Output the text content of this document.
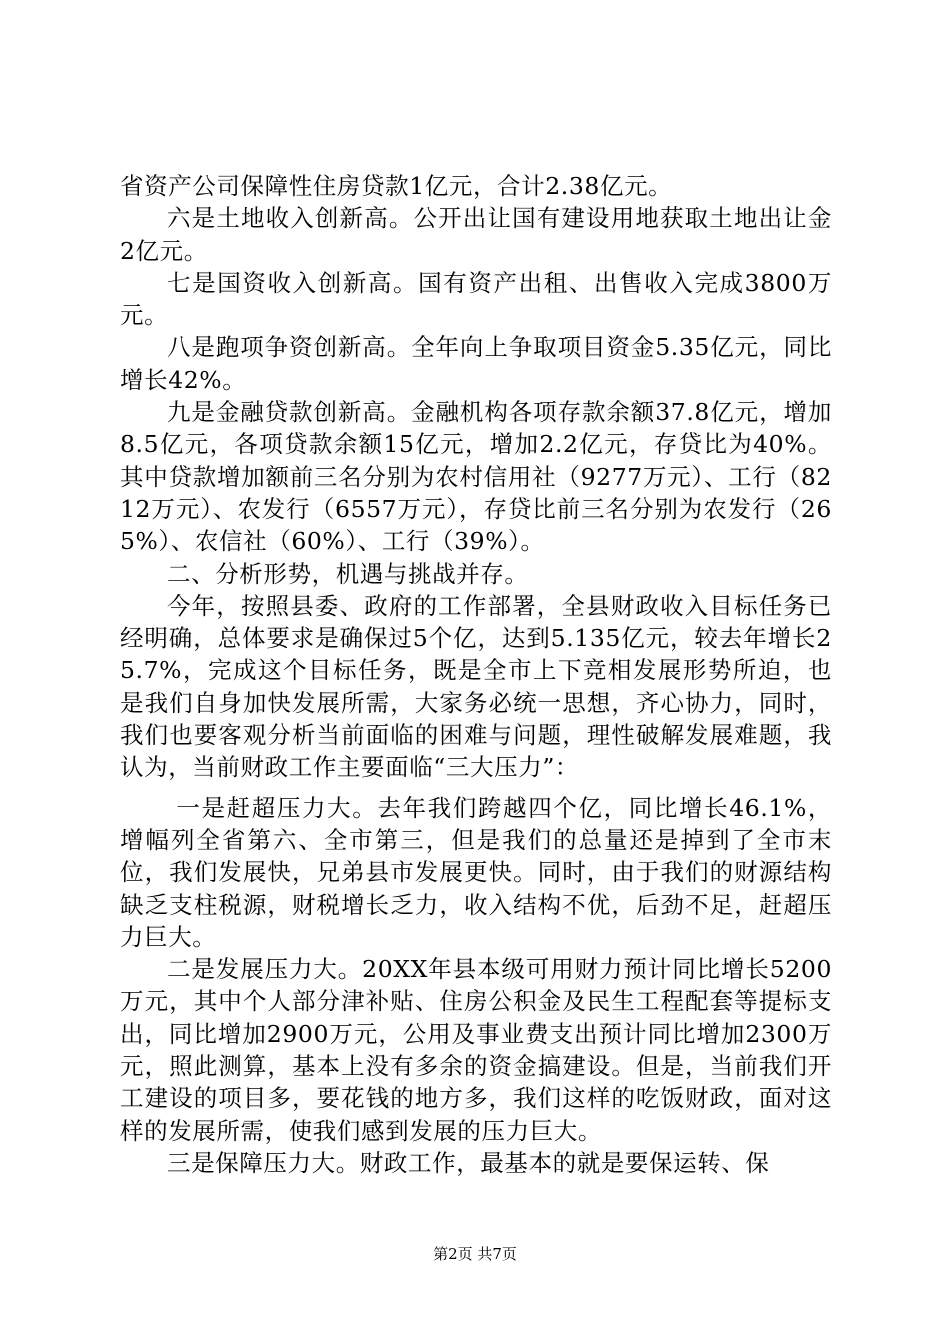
省资产公司保障性住房贷款1亿元，合计2.38亿元。

六是土地收入创新高。公开出让国有建设用地获取土地出让金2亿元。

七是国资收入创新高。国有资产出租、出售收入完成3800万元。

八是跑项争资创新高。全年向上争取项目资金5.35亿元，同比增长42%。

九是金融贷款创新高。金融机构各项存款余额37.8亿元，增加8.5亿元，各项贷款余额15亿元，增加2.2亿元，存贷比为40%。其中贷款增加额前三名分别为农村信用社（9277万元）、工行（8212万元）、农发行（6557万元），存贷比前三名分别为农发行（265%）、农信社（60%）、工行（39%）。

二、分析形势，机遇与挑战并存。

今年，按照县委、政府的工作部署，全县财政收入目标任务已经明确，总体要求是确保过5个亿，达到5.135亿元，较去年增长25.7%，完成这个目标任务，既是全市上下竞相发展形势所迫，也是我们自身加快发展所需，大家务必统一思想，齐心协力，同时，我们也要客观分析当前面临的困难与问题，理性破解发展难题，我认为，当前财政工作主要面临“三大压力”：

一是赶超压力大。去年我们跨越四个亿，同比增长46.1%，增幅列全省第六、全市第三，但是我们的总量还是掉到了全市末位，我们发展快，兄弟县市发展更快。同时，由于我们的财源结构缺乏支柱税源，财税增长乏力，收入结构不优，后劲不足，赶超压力巨大。

二是发展压力大。20XX年县本级可用财力预计同比增长5200万元，其中个人部分津补贴、住房公积金及民生工程配套等提标支出，同比增加2900万元，公用及事业费支出预计同比增加2300万元，照此测算，基本上没有多余的资金搞建设。但是，当前我们开工建设的项目多，要花钱的地方多，我们这样的吃饭财政，面对这样的发展所需，使我们感到发展的压力巨大。

三是保障压力大。财政工作，最基本的就是要保运转、保

第2页 共7页
